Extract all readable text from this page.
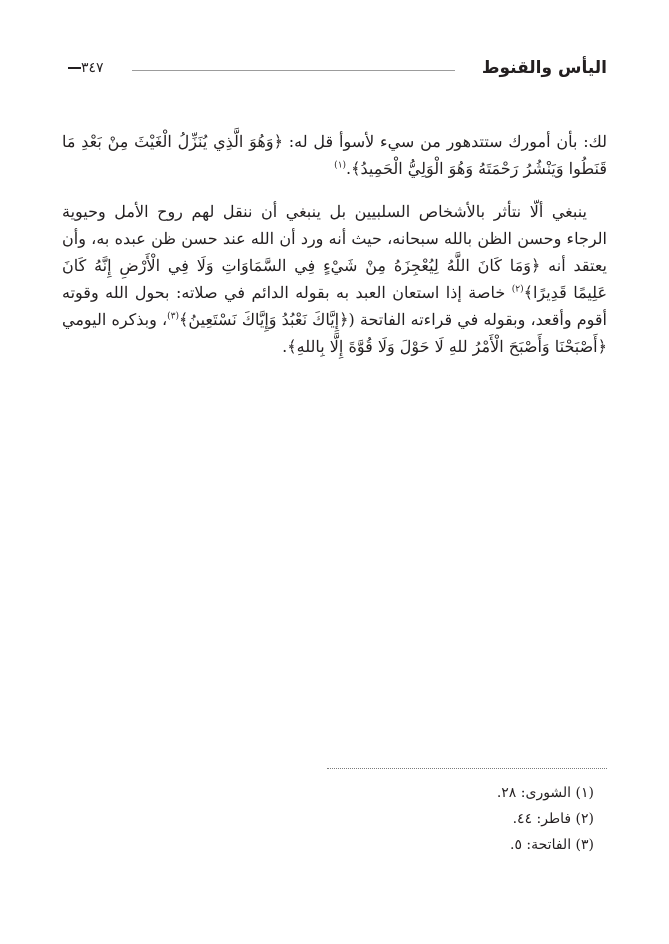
اليأس والقنوط
٣٤٧

لك: بأن أمورك ستتدهور من سيء لأسوأ قل له: ﴿وَهُوَ الَّذِي يُنَزِّلُ الْغَيْثَ مِنْ بَعْدِ مَا قَنَطُوا وَيَنْشُرُ رَحْمَتَهُ وَهُوَ الْوَلِيُّ الْحَمِيدُ﴾.$^{(١)}$

ينبغي ألّا نتأثر بالأشخاص السلبيين بل ينبغي أن ننقل لهم روح الأمل وحيوية الرجاء وحسن الظن بالله سبحانه، حيث أنه ورد أن الله عند حسن ظن عبده به، وأن يعتقد أنه ﴿وَمَا كَانَ اللَّهُ لِيُعْجِزَهُ مِنْ شَيْءٍ فِي السَّمَاوَاتِ وَلَا فِي الْأَرْضِ إِنَّهُ كَانَ عَلِيمًا قَدِيرًا﴾$^{(٢)}$ خاصة إذا استعان العبد به بقوله الدائم في صلاته: بحول الله وقوته أقوم وأقعد، وبقوله في قراءته الفاتحة (﴿إِيَّاكَ نَعْبُدُ وَإِيَّاكَ نَسْتَعِينُ﴾$^{(٣)}$، وبذكره اليومي ﴿أَصْبَحْنَا وَأَصْبَحَ الْأَمْرُ للهِ لَا حَوْلَ وَلَا قُوَّةَ إِلَّا بِاللهِ﴾.

(١) الشورى: ٢٨.
(٢) فاطر: ٤٤.
(٣) الفاتحة: ٥.
